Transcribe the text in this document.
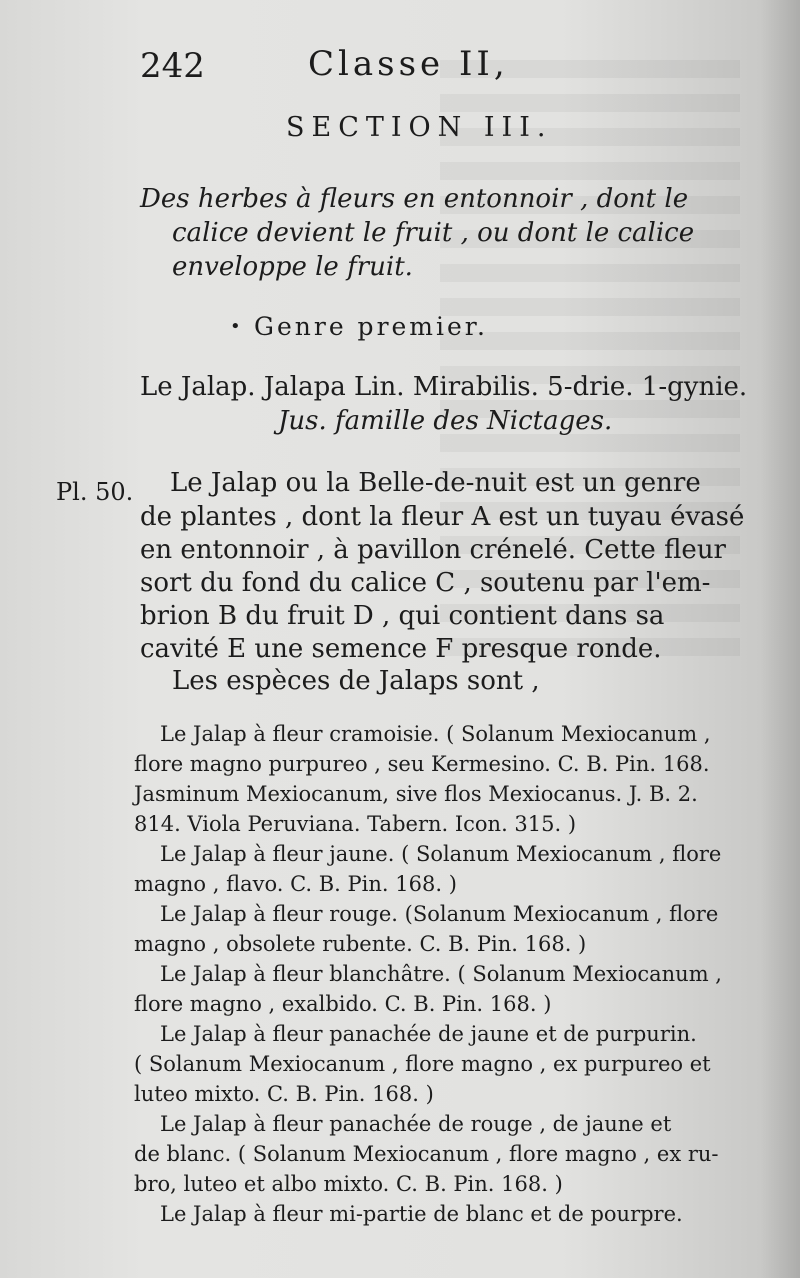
242	Classe II,
SECTION III.
Des herbes à fleurs en entonnoir , dont le
calice devient le fruit , ou dont le calice
enveloppe le fruit.
• Genre premier.
Le Jalap. Jalapa Lin. Mirabilis. 5-drie. 1-gynie.
Jus. famille des Nictages.
Pl. 50. Le Jalap ou la Belle-de-nuit est un genre
de plantes , dont la fleur A est un tuyau évasé
en entonnoir , à pavillon crénelé. Cette fleur
sort du fond du calice C , soutenu par l'em-
brion B du fruit D , qui contient dans sa
cavité E une semence F presque ronde.
Les espèces de Jalaps sont ,
Le Jalap à fleur cramoisie. ( Solanum Mexiocanum ,
flore magno purpureo , seu Kermesino. C. B. Pin. 168.
Jasminum Mexiocanum, sive flos Mexiocanus. J. B. 2.
814. Viola Peruviana. Tabern. Icon. 315. )
Le Jalap à fleur jaune. ( Solanum Mexiocanum , flore
magno , flavo. C. B. Pin. 168. )
Le Jalap à fleur rouge. (Solanum Mexiocanum , flore
magno , obsolete rubente. C. B. Pin. 168. )
Le Jalap à fleur blanchâtre. ( Solanum Mexiocanum ,
flore magno , exalbido. C. B. Pin. 168. )
Le Jalap à fleur panachée de jaune et de purpurin.
( Solanum Mexiocanum , flore magno , ex purpureo et
luteo mixto. C. B. Pin. 168. )
Le Jalap à fleur panachée de rouge , de jaune et
de blanc. ( Solanum Mexiocanum , flore magno , ex ru-
bro, luteo et albo mixto. C. B. Pin. 168. )
Le Jalap à fleur mi-partie de blanc et de pourpre.
